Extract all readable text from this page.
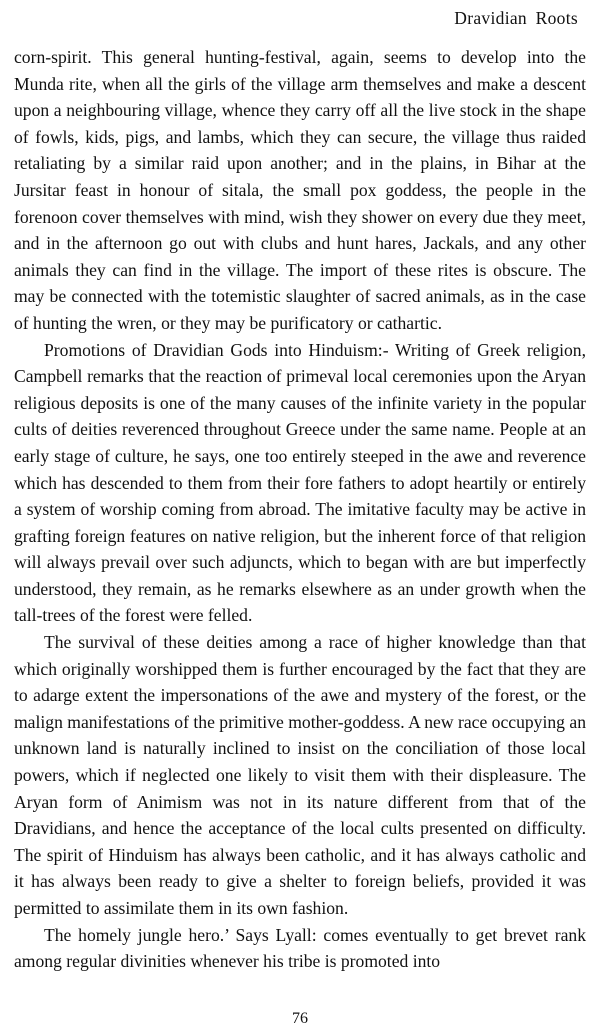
Dravidian Roots

corn-spirit. This general hunting-festival, again, seems to develop into the Munda rite, when all the girls of the village arm themselves and make a descent upon a neighbouring village, whence they carry off all the live stock in the shape of fowls, kids, pigs, and lambs, which they can secure, the village thus raided retaliating by a similar raid upon another; and in the plains, in Bihar at the Jursitar feast in honour of sitala, the small pox goddess, the people in the forenoon cover themselves with mind, wish they shower on every due they meet, and in the afternoon go out with clubs and hunt hares, Jackals, and any other animals they can find in the village. The import of these rites is obscure. The may be connected with the totemistic slaughter of sacred animals, as in the case of hunting the wren, or they may be purificatory or cathartic.

Promotions of Dravidian Gods into Hinduism:- Writing of Greek religion, Campbell remarks that the reaction of primeval local ceremonies upon the Aryan religious deposits is one of the many causes of the infinite variety in the popular cults of deities reverenced throughout Greece under the same name. People at an early stage of culture, he says, one too entirely steeped in the awe and reverence which has descended to them from their fore fathers to adopt heartily or entirely a system of worship coming from abroad. The imitative faculty may be active in grafting foreign features on native religion, but the inherent force of that religion will always prevail over such adjuncts, which to began with are but imperfectly understood, they remain, as he remarks elsewhere as an under growth when the tall-trees of the forest were felled.

The survival of these deities among a race of higher knowledge than that which originally worshipped them is further encouraged by the fact that they are to adarge extent the impersonations of the awe and mystery of the forest, or the malign manifestations of the primitive mother-goddess. A new race occupying an unknown land is naturally inclined to insist on the conciliation of those local powers, which if neglected one likely to visit them with their displeasure. The Aryan form of Animism was not in its nature different from that of the Dravidians, and hence the acceptance of the local cults presented on difficulty. The spirit of Hinduism has always been catholic, and it has always catholic and it has always been ready to give a shelter to foreign beliefs, provided it was permitted to assimilate them in its own fashion.

The homely jungle hero.’ Says Lyall: comes eventually to get brevet rank among regular divinities whenever his tribe is promoted into

76
